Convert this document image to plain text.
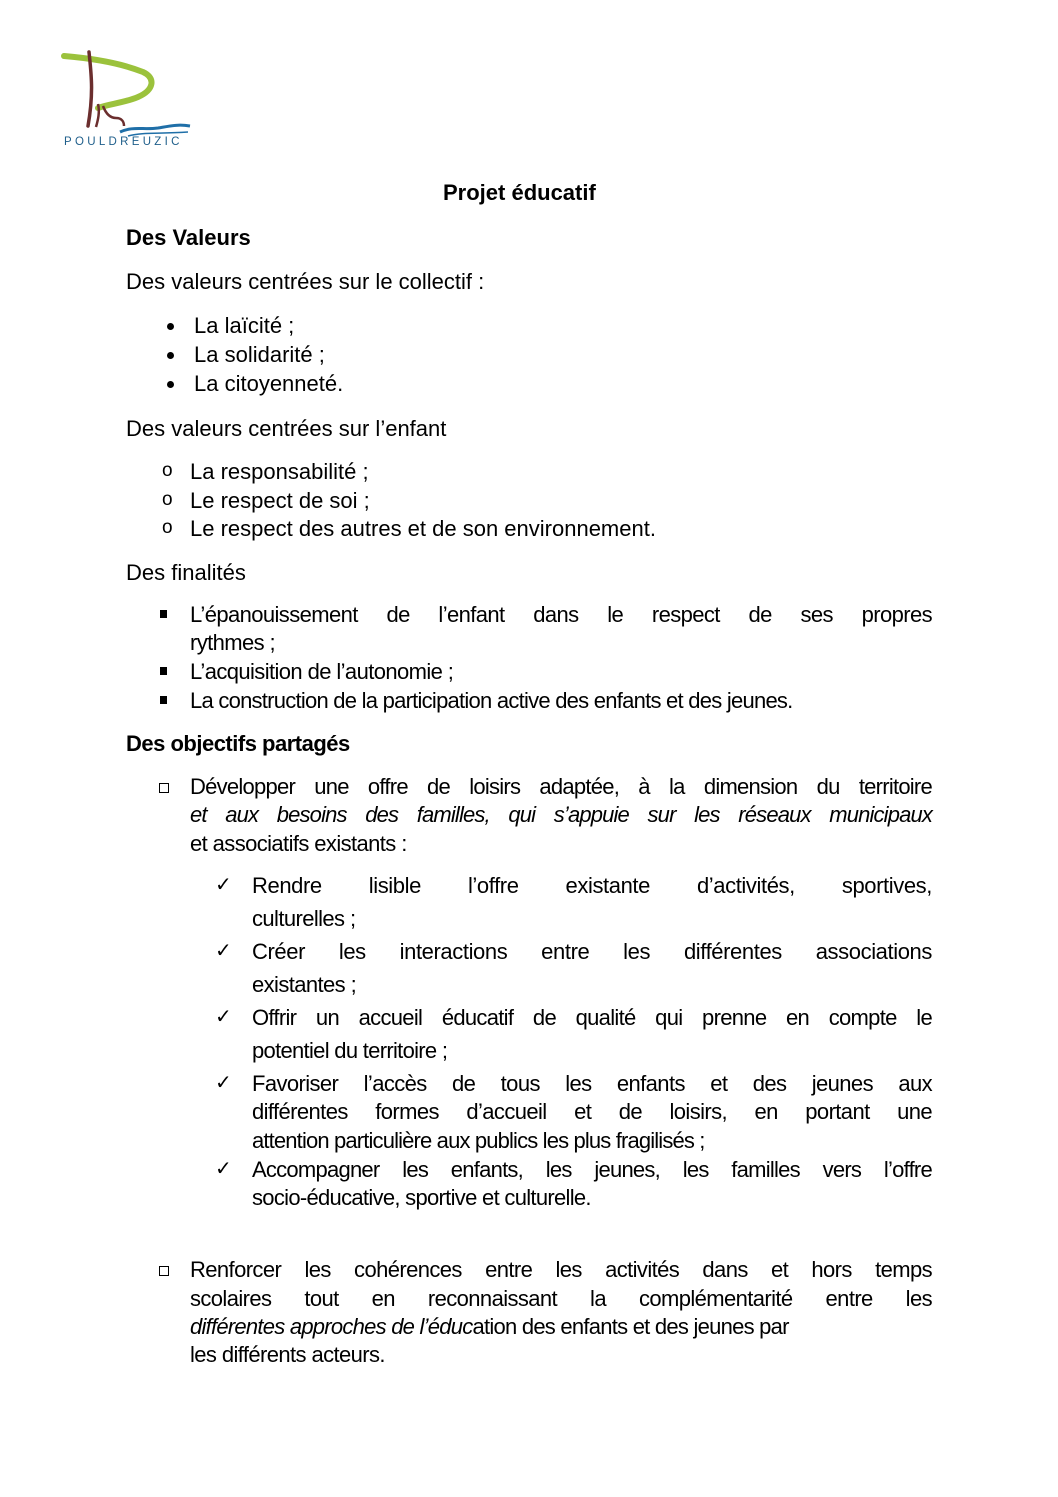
POULDREUZIC
Projet éducatif
Des Valeurs
Des valeurs centrées sur le collectif :
La laïcité ;
La solidarité ;
La citoyenneté.
Des valeurs centrées sur l’enfant
o La responsabilité ;
o Le respect de soi ;
o Le respect des autres et de son environnement.
Des finalités
L’épanouissement de l’enfant dans le respect de ses propres
rythmes ;
L’acquisition de l’autonomie ;
La construction de la participation active des enfants et des jeunes.
Des objectifs partagés
Développer une offre de loisirs adaptée, à la dimension du territoire
et aux besoins des familles, qui s’appuie sur les réseaux municipaux
et associatifs existants :
✓ Rendre lisible l’offre existante d’activités, sportives,
culturelles ;
✓ Créer les interactions entre les différentes associations
existantes ;
✓ Offrir un accueil éducatif de qualité qui prenne en compte le
potentiel du territoire ;
✓ Favoriser l’accès de tous les enfants et des jeunes aux
différentes formes d’accueil et de loisirs, en portant une
attention particulière aux publics les plus fragilisés ;
✓ Accompagner les enfants, les jeunes, les familles vers l’offre
socio-éducative, sportive et culturelle.
Renforcer les cohérences entre les activités dans et hors temps
scolaires tout en reconnaissant la complémentarité entre les
différentes approches de l’éducation des enfants et des jeunes par
les différents acteurs.
